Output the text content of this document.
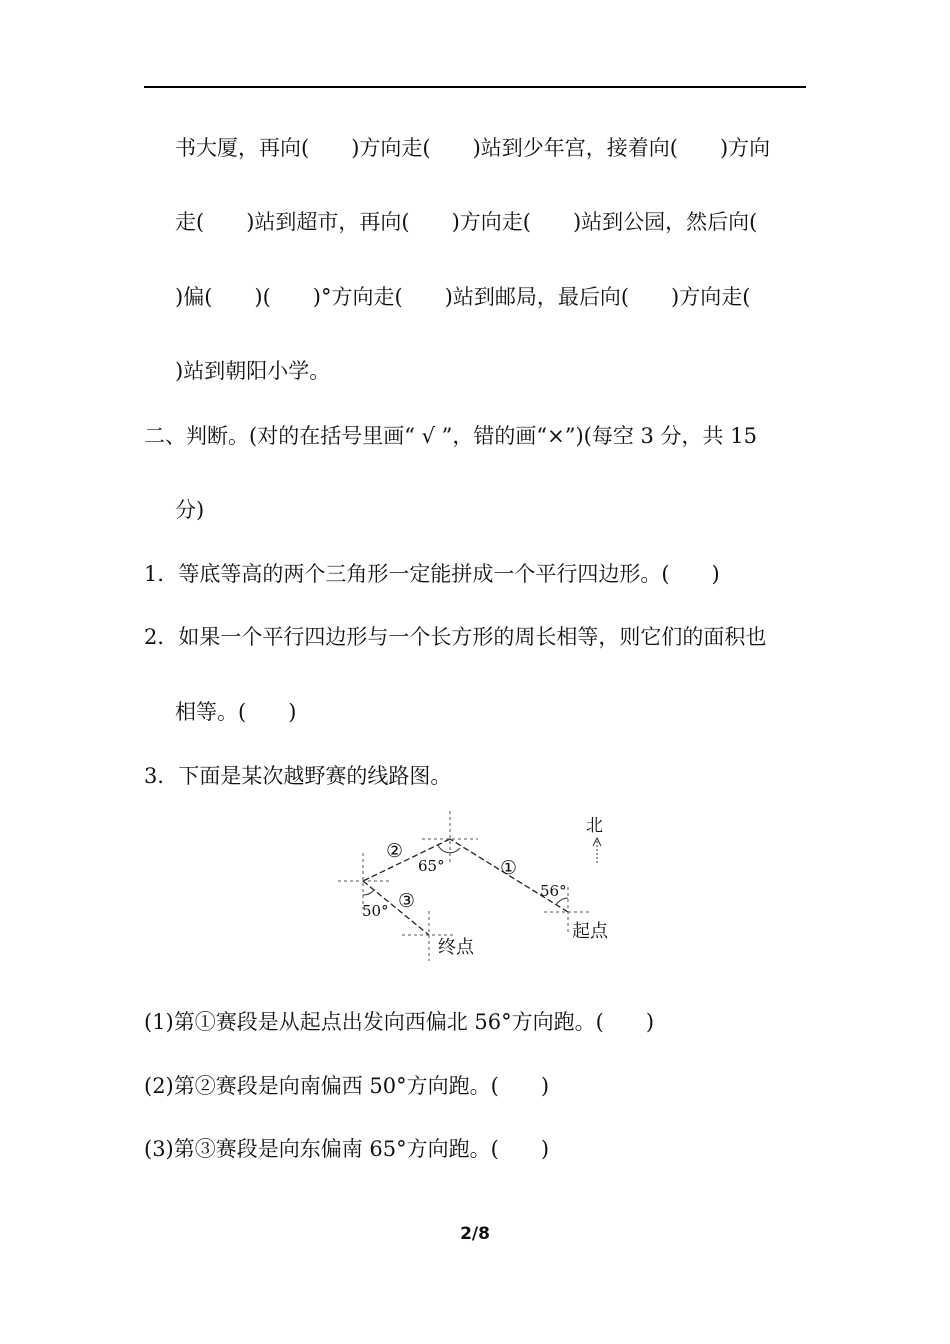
书大厦，再向(　　)方向走(　　)站到少年宫，接着向(　　)方向
走(　　)站到超市，再向(　　)方向走(　　)站到公园，然后向(
)偏(　　)(　　)°方向走(　　)站到邮局，最后向(　　)方向走(
)站到朝阳小学。
二、判断。(对的在括号里画“ √ ”，错的画“×”)(每空 3 分，共 15
分)
1．等底等高的两个三角形一定能拼成一个平行四边形。(　　)
2．如果一个平行四边形与一个长方形的周长相等，则它们的面积也
相等。(　　)
3．下面是某次越野赛的线路图。
北
65°
56°
50°
①
②
③
起点
终点
(1)第①赛段是从起点出发向西偏北 56°方向跑。(　　)
(2)第②赛段是向南偏西 50°方向跑。(　　)
(3)第③赛段是向东偏南 65°方向跑。(　　)
2/8
